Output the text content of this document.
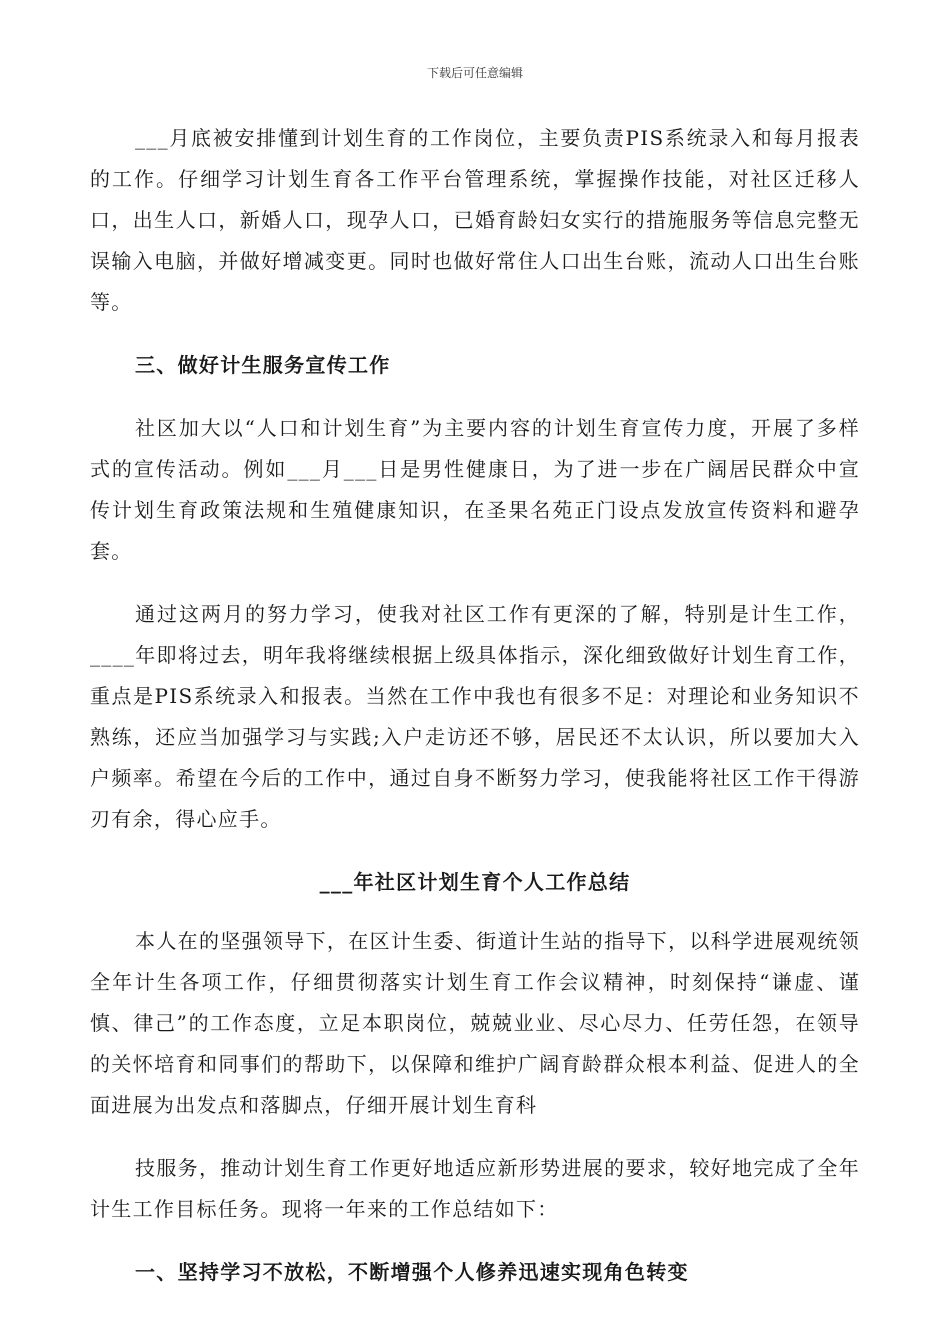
下载后可任意编辑

___月底被安排懂到计划生育的工作岗位，主要负责PIS系统录入和每月报表的工作。仔细学习计划生育各工作平台管理系统，掌握操作技能，对社区迁移人口，出生人口，新婚人口，现孕人口，已婚育龄妇女实行的措施服务等信息完整无误输入电脑，并做好增减变更。同时也做好常住人口出生台账，流动人口出生台账等。

三、做好计生服务宣传工作

社区加大以“人口和计划生育”为主要内容的计划生育宣传力度，开展了多样式的宣传活动。例如___月___日是男性健康日，为了进一步在广阔居民群众中宣传计划生育政策法规和生殖健康知识，在圣果名苑正门设点发放宣传资料和避孕套。

通过这两月的努力学习，使我对社区工作有更深的了解，特别是计生工作，____年即将过去，明年我将继续根据上级具体指示，深化细致做好计划生育工作，重点是PIS系统录入和报表。当然在工作中我也有很多不足：对理论和业务知识不熟练，还应当加强学习与实践;入户走访还不够，居民还不太认识，所以要加大入户频率。希望在今后的工作中，通过自身不断努力学习，使我能将社区工作干得游刃有余，得心应手。

___年社区计划生育个人工作总结

本人在的坚强领导下，在区计生委、街道计生站的指导下，以科学进展观统领全年计生各项工作，仔细贯彻落实计划生育工作会议精神，时刻保持“谦虚、谨慎、律己”的工作态度，立足本职岗位，兢兢业业、尽心尽力、任劳任怨，在领导的关怀培育和同事们的帮助下，以保障和维护广阔育龄群众根本利益、促进人的全面进展为出发点和落脚点，仔细开展计划生育科

技服务，推动计划生育工作更好地适应新形势进展的要求，较好地完成了全年计生工作目标任务。现将一年来的工作总结如下：

一、坚持学习不放松，不断增强个人修养迅速实现角色转变
